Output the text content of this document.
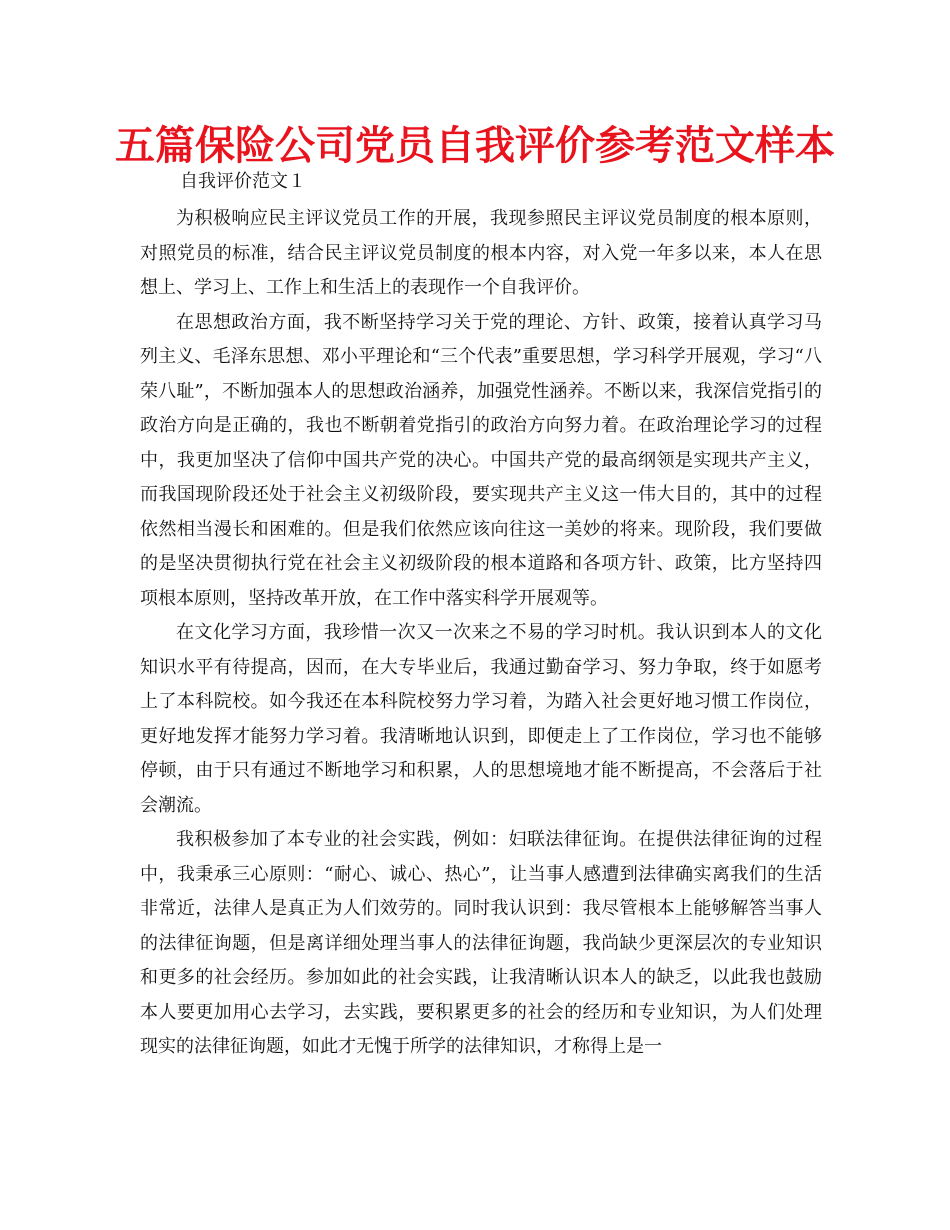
五篇保险公司党员自我评价参考范文样本
自我评价范文１

为积极响应民主评议党员工作的开展，我现参照民主评议党员制度的根本原则，对照党员的标准，结合民主评议党员制度的根本内容，对入党一年多以来，本人在思想上、学习上、工作上和生活上的表现作一个自我评价。

在思想政治方面，我不断坚持学习关于党的理论、方针、政策，接着认真学习马列主义、毛泽东思想、邓小平理论和“三个代表”重要思想，学习科学开展观，学习“八荣八耻”，不断加强本人的思想政治涵养，加强党性涵养。不断以来，我深信党指引的政治方向是正确的，我也不断朝着党指引的政治方向努力着。在政治理论学习的过程中，我更加坚决了信仰中国共产党的决心。中国共产党的最高纲领是实现共产主义，而我国现阶段还处于社会主义初级阶段，要实现共产主义这一伟大目的，其中的过程依然相当漫长和困难的。但是我们依然应该向往这一美妙的将来。现阶段，我们要做的是坚决贯彻执行党在社会主义初级阶段的根本道路和各项方针、政策，比方坚持四项根本原则，坚持改革开放，在工作中落实科学开展观等。

在文化学习方面，我珍惜一次又一次来之不易的学习时机。我认识到本人的文化知识水平有待提高，因而，在大专毕业后，我通过勤奋学习、努力争取，终于如愿考上了本科院校。如今我还在本科院校努力学习着，为踏入社会更好地习惯工作岗位，更好地发挥才能努力学习着。我清晰地认识到，即便走上了工作岗位，学习也不能够停顿，由于只有通过不断地学习和积累，人的思想境地才能不断提高，不会落后于社会潮流。

我积极参加了本专业的社会实践，例如：妇联法律征询。在提供法律征询的过程中，我秉承三心原则：“耐心、诚心、热心”，让当事人感遭到法律确实离我们的生活非常近，法律人是真正为人们效劳的。同时我认识到：我尽管根本上能够解答当事人的法律征询题，但是离详细处理当事人的法律征询题，我尚缺少更深层次的专业知识和更多的社会经历。参加如此的社会实践，让我清晰认识本人的缺乏，以此我也鼓励本人要更加用心去学习，去实践，要积累更多的社会的经历和专业知识，为人们处理现实的法律征询题，如此才无愧于所学的法律知识，才称得上是一
